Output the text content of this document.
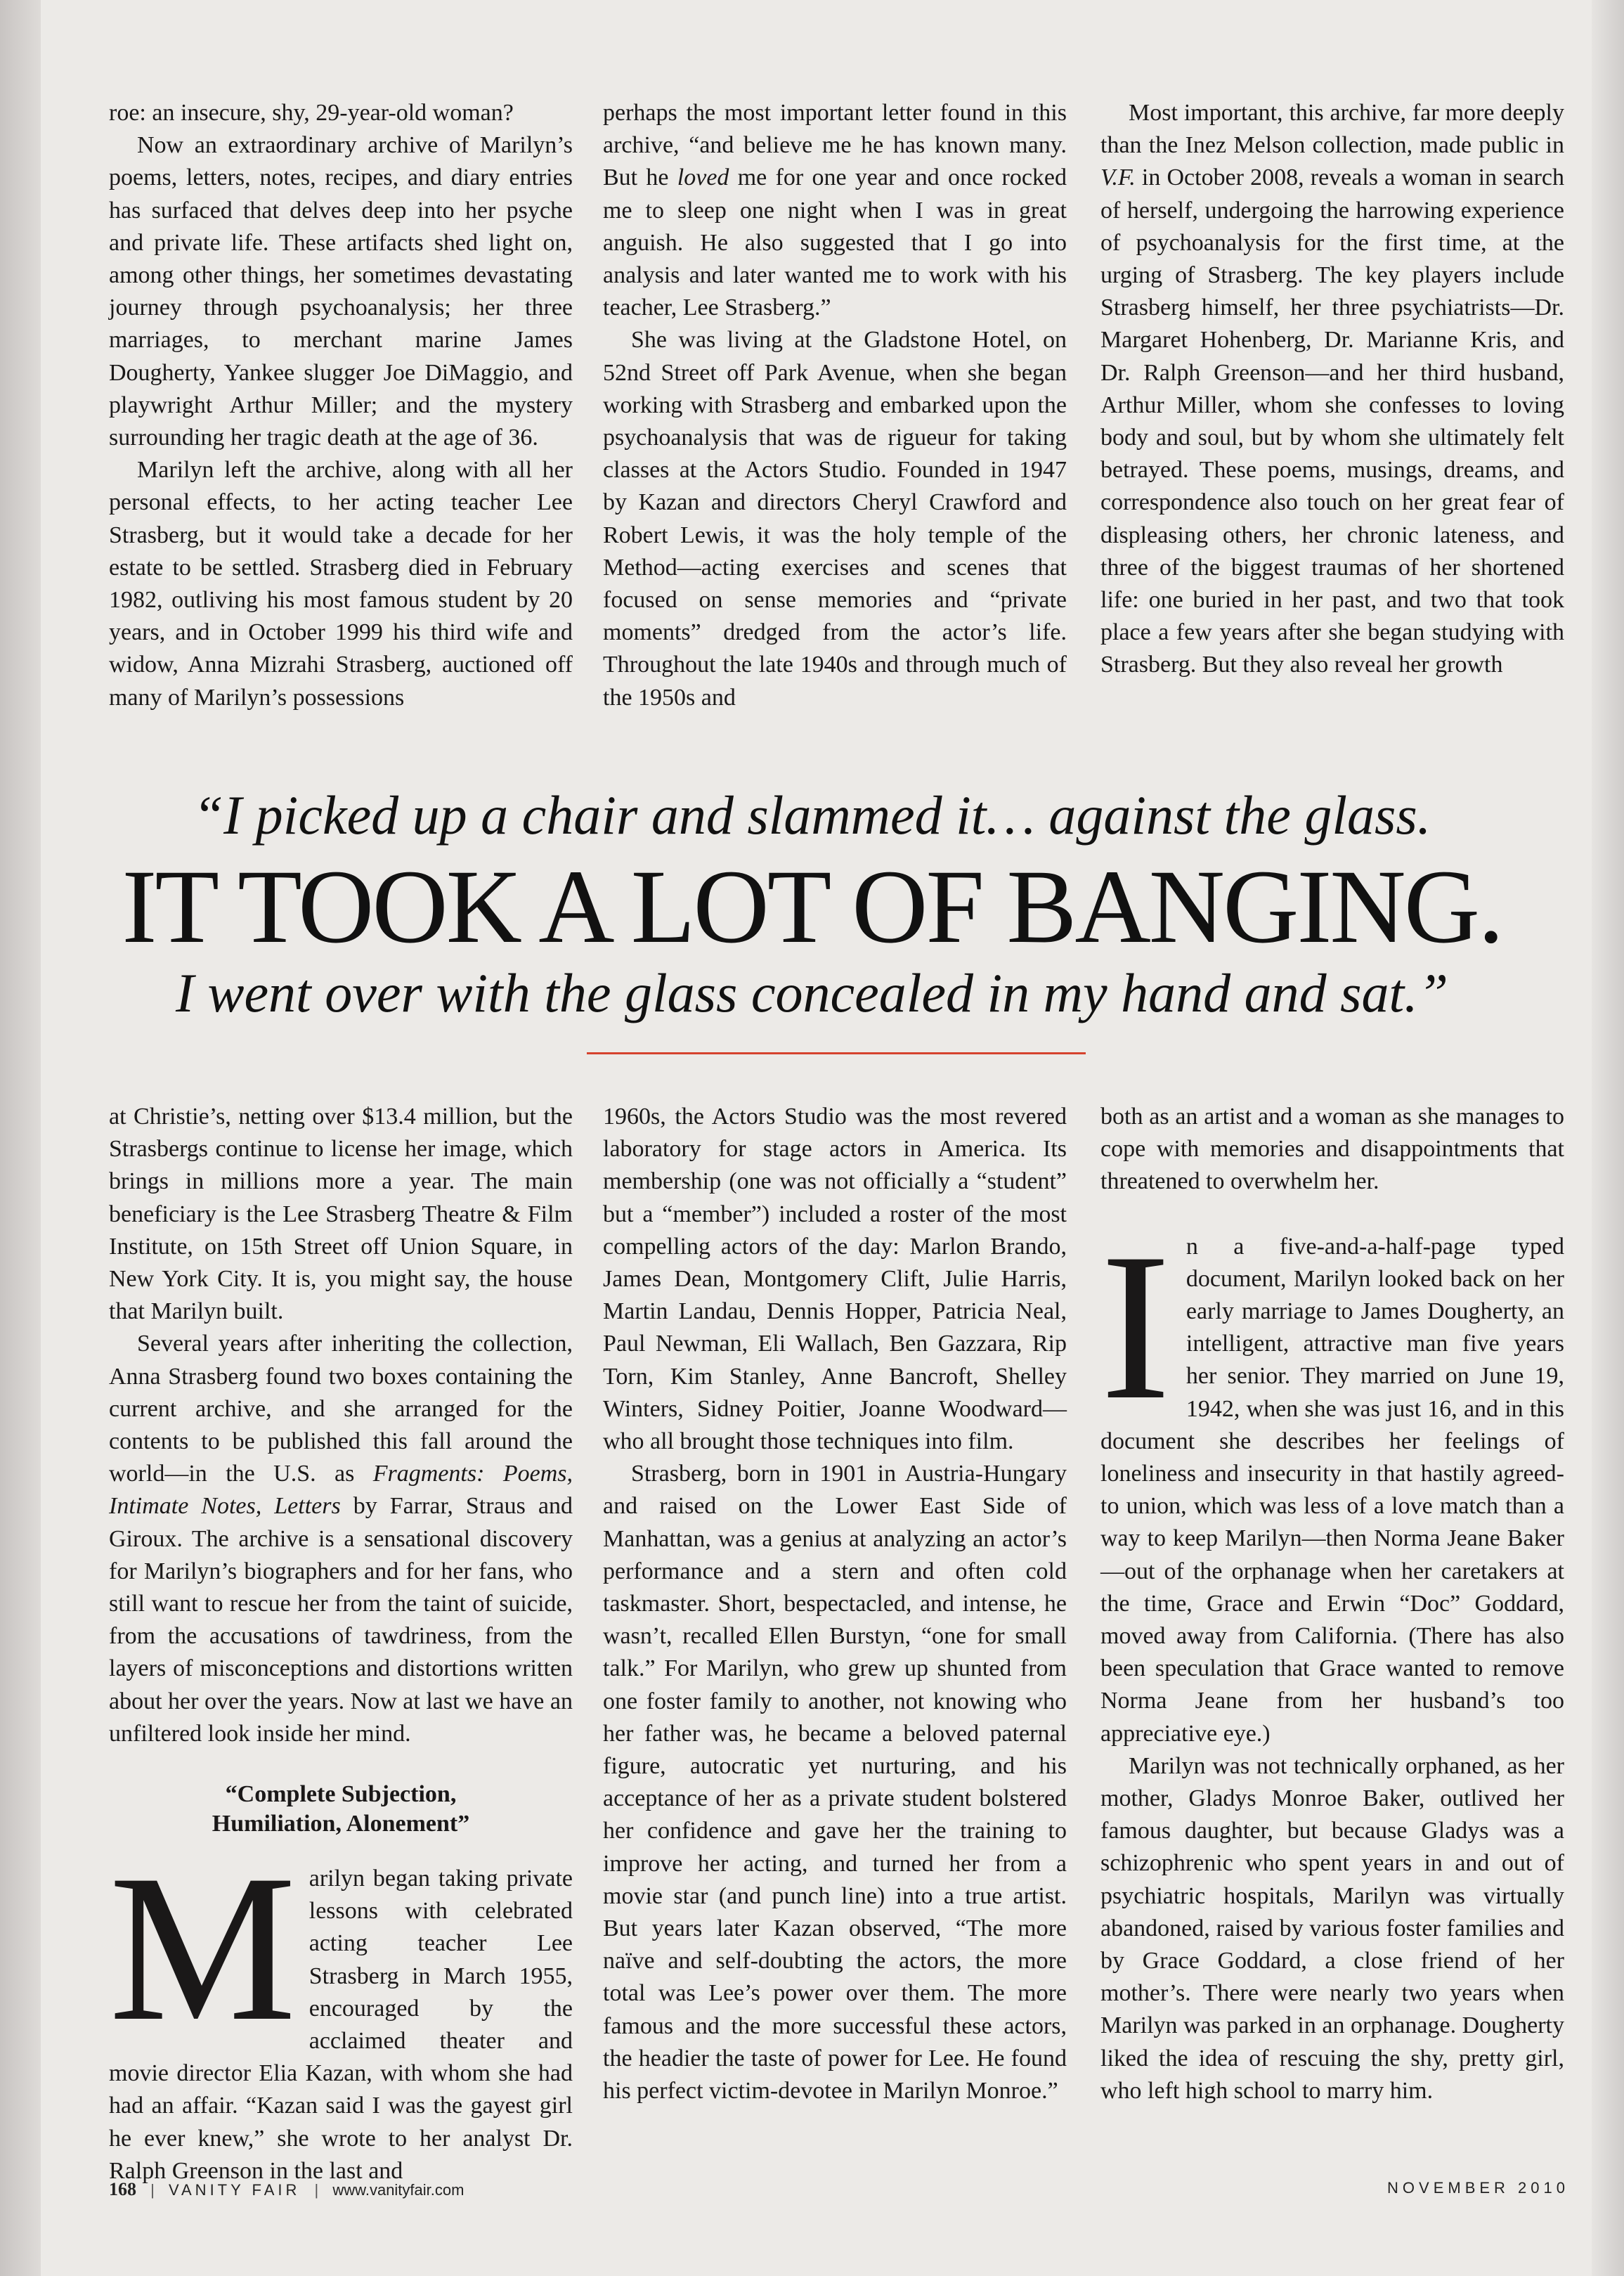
roe: an insecure, shy, 29-year-old woman?

Now an extraordinary archive of Marilyn’s poems, letters, notes, recipes, and diary entries has surfaced that delves deep into her psyche and private life. These artifacts shed light on, among other things, her sometimes devastating journey through psychoanalysis; her three marriages, to merchant marine James Dougherty, Yankee slugger Joe DiMaggio, and playwright Arthur Miller; and the mystery surrounding her tragic death at the age of 36.

Marilyn left the archive, along with all her personal effects, to her acting teacher Lee Strasberg, but it would take a decade for her estate to be settled. Strasberg died in February 1982, outliving his most famous student by 20 years, and in October 1999 his third wife and widow, Anna Mizrahi Strasberg, auctioned off many of Marilyn’s possessions

perhaps the most important letter found in this archive, “and believe me he has known many. But he loved me for one year and once rocked me to sleep one night when I was in great anguish. He also suggested that I go into analysis and later wanted me to work with his teacher, Lee Strasberg.”

She was living at the Gladstone Hotel, on 52nd Street off Park Avenue, when she began working with Strasberg and embarked upon the psychoanalysis that was de rigueur for taking classes at the Actors Studio. Founded in 1947 by Kazan and directors Cheryl Crawford and Robert Lewis, it was the holy temple of the Method—acting exercises and scenes that focused on sense memories and “private moments” dredged from the actor’s life. Throughout the late 1940s and through much of the 1950s and

Most important, this archive, far more deeply than the Inez Melson collection, made public in V.F. in October 2008, reveals a woman in search of herself, undergoing the harrowing experience of psychoanalysis for the first time, at the urging of Strasberg. The key players include Strasberg himself, her three psychiatrists—Dr. Margaret Hohenberg, Dr. Marianne Kris, and Dr. Ralph Greenson—and her third husband, Arthur Miller, whom she confesses to loving body and soul, but by whom she ultimately felt betrayed. These poems, musings, dreams, and correspondence also touch on her great fear of displeasing others, her chronic lateness, and three of the biggest traumas of her shortened life: one buried in her past, and two that took place a few years after she began studying with Strasberg. But they also reveal her growth

“I picked up a chair and slammed it… against the glass.
IT TOOK A LOT OF BANGING.
I went over with the glass concealed in my hand and sat.”

at Christie’s, netting over $13.4 million, but the Strasbergs continue to license her image, which brings in millions more a year. The main beneficiary is the Lee Strasberg Theatre & Film Institute, on 15th Street off Union Square, in New York City. It is, you might say, the house that Marilyn built.

Several years after inheriting the collection, Anna Strasberg found two boxes containing the current archive, and she arranged for the contents to be published this fall around the world—in the U.S. as Fragments: Poems, Intimate Notes, Letters by Farrar, Straus and Giroux. The archive is a sensational discovery for Marilyn’s biographers and for her fans, who still want to rescue her from the taint of suicide, from the accusations of tawdriness, from the layers of misconceptions and distortions written about her over the years. Now at last we have an unfiltered look inside her mind.

“Complete Subjection,
Humiliation, Alonement”

Marilyn began taking private lessons with celebrated acting teacher Lee Strasberg in March 1955, encouraged by the acclaimed theater and movie director Elia Kazan, with whom she had had an affair. “Kazan said I was the gayest girl he ever knew,” she wrote to her analyst Dr. Ralph Greenson in the last and

1960s, the Actors Studio was the most revered laboratory for stage actors in America. Its membership (one was not officially a “student” but a “member”) included a roster of the most compelling actors of the day: Marlon Brando, James Dean, Montgomery Clift, Julie Harris, Martin Landau, Dennis Hopper, Patricia Neal, Paul Newman, Eli Wallach, Ben Gazzara, Rip Torn, Kim Stanley, Anne Bancroft, Shelley Winters, Sidney Poitier, Joanne Woodward—who all brought those techniques into film.

Strasberg, born in 1901 in Austria-Hungary and raised on the Lower East Side of Manhattan, was a genius at analyzing an actor’s performance and a stern and often cold taskmaster. Short, bespectacled, and intense, he wasn’t, recalled Ellen Burstyn, “one for small talk.” For Marilyn, who grew up shunted from one foster family to another, not knowing who her father was, he became a beloved paternal figure, autocratic yet nurturing, and his acceptance of her as a private student bolstered her confidence and gave her the training to improve her acting, and turned her from a movie star (and punch line) into a true artist. But years later Kazan observed, “The more naïve and self-doubting the actors, the more total was Lee’s power over them. The more famous and the more successful these actors, the headier the taste of power for Lee. He found his perfect victim-devotee in Marilyn Monroe.”

both as an artist and a woman as she manages to cope with memories and disappointments that threatened to overwhelm her.

In a five-and-a-half-page typed document, Marilyn looked back on her early marriage to James Dougherty, an intelligent, attractive man five years her senior. They married on June 19, 1942, when she was just 16, and in this document she describes her feelings of loneliness and insecurity in that hastily agreed-to union, which was less of a love match than a way to keep Marilyn—then Norma Jeane Baker—out of the orphanage when her caretakers at the time, Grace and Erwin “Doc” Goddard, moved away from California. (There has also been speculation that Grace wanted to remove Norma Jeane from her husband’s too appreciative eye.)

Marilyn was not technically orphaned, as her mother, Gladys Monroe Baker, outlived her famous daughter, but because Gladys was a schizophrenic who spent years in and out of psychiatric hospitals, Marilyn was virtually abandoned, raised by various foster families and by Grace Goddard, a close friend of her mother’s. There were nearly two years when Marilyn was parked in an orphanage. Dougherty liked the idea of rescuing the shy, pretty girl, who left high school to marry him.

168 | VANITY FAIR | www.vanityfair.com	NOVEMBER 2010
